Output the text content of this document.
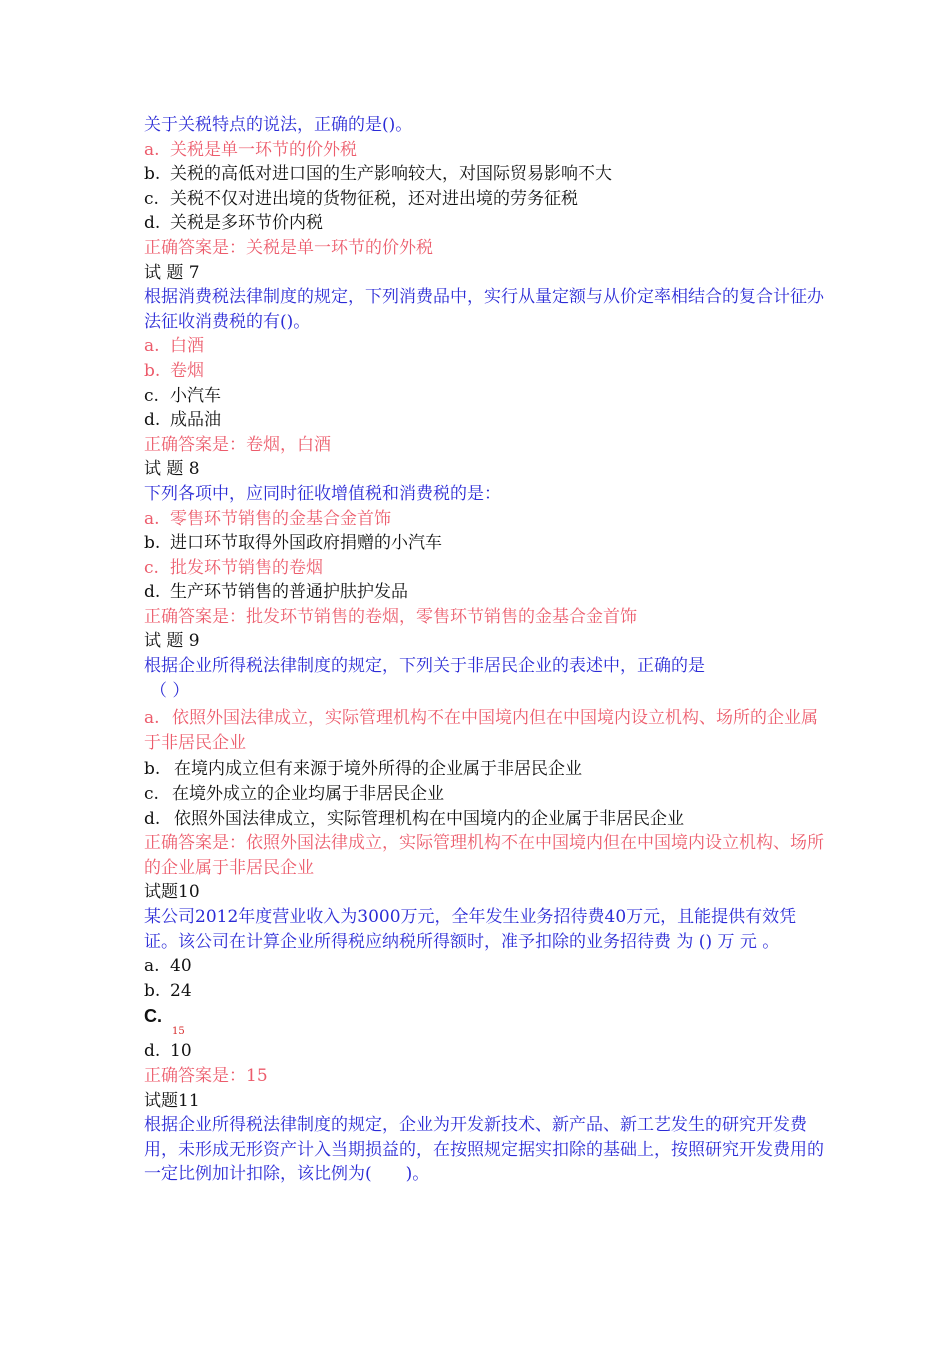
关于关税特点的说法，正确的是()。
a. 关税是单一环节的价外税
b. 关税的高低对进口国的生产影响较大，对国际贸易影响不大
c. 关税不仅对进出境的货物征税，还对进出境的劳务征税
d. 关税是多环节价内税
正确答案是：关税是单一环节的价外税
试 题 7
根据消费税法律制度的规定，下列消费品中，实行从量定额与从价定率相结合的复合计征办法征收消费税的有()。
a. 白酒
b. 卷烟
c. 小汽车
d. 成品油
正确答案是：卷烟，白酒
试 题 8
下列各项中，应同时征收增值税和消费税的是：
a. 零售环节销售的金基合金首饰
b. 进口环节取得外国政府捐赠的小汽车
c. 批发环节销售的卷烟
d. 生产环节销售的普通护肤护发品
正确答案是：批发环节销售的卷烟，零售环节销售的金基合金首饰
试 题 9
根据企业所得税法律制度的规定，下列关于非居民企业的表述中，正确的是
（ ）
a. 依照外国法律成立，实际管理机构不在中国境内但在中国境内设立机构、场所的企业属于非居民企业
b. 在境内成立但有来源于境外所得的企业属于非居民企业
c. 在境外成立的企业均属于非居民企业
d. 依照外国法律成立，实际管理机构在中国境内的企业属于非居民企业
正确答案是：依照外国法律成立，实际管理机构不在中国境内但在中国境内设立机构、场所的企业属于非居民企业
试题10
某公司2012年度营业收入为3000万元，全年发生业务招待费40万元，且能提供有效凭证。该公司在计算企业所得税应纳税所得额时，准予扣除的业务招待费 为 () 万 元 。
a. 40
b. 24
C.
15
d. 10
正确答案是：15
试题11
根据企业所得税法律制度的规定，企业为开发新技术、新产品、新工艺发生的研究开发费用，未形成无形资产计入当期损益的，在按照规定据实扣除的基础上，按照研究开发费用的一定比例加计扣除，该比例为(　　)。
